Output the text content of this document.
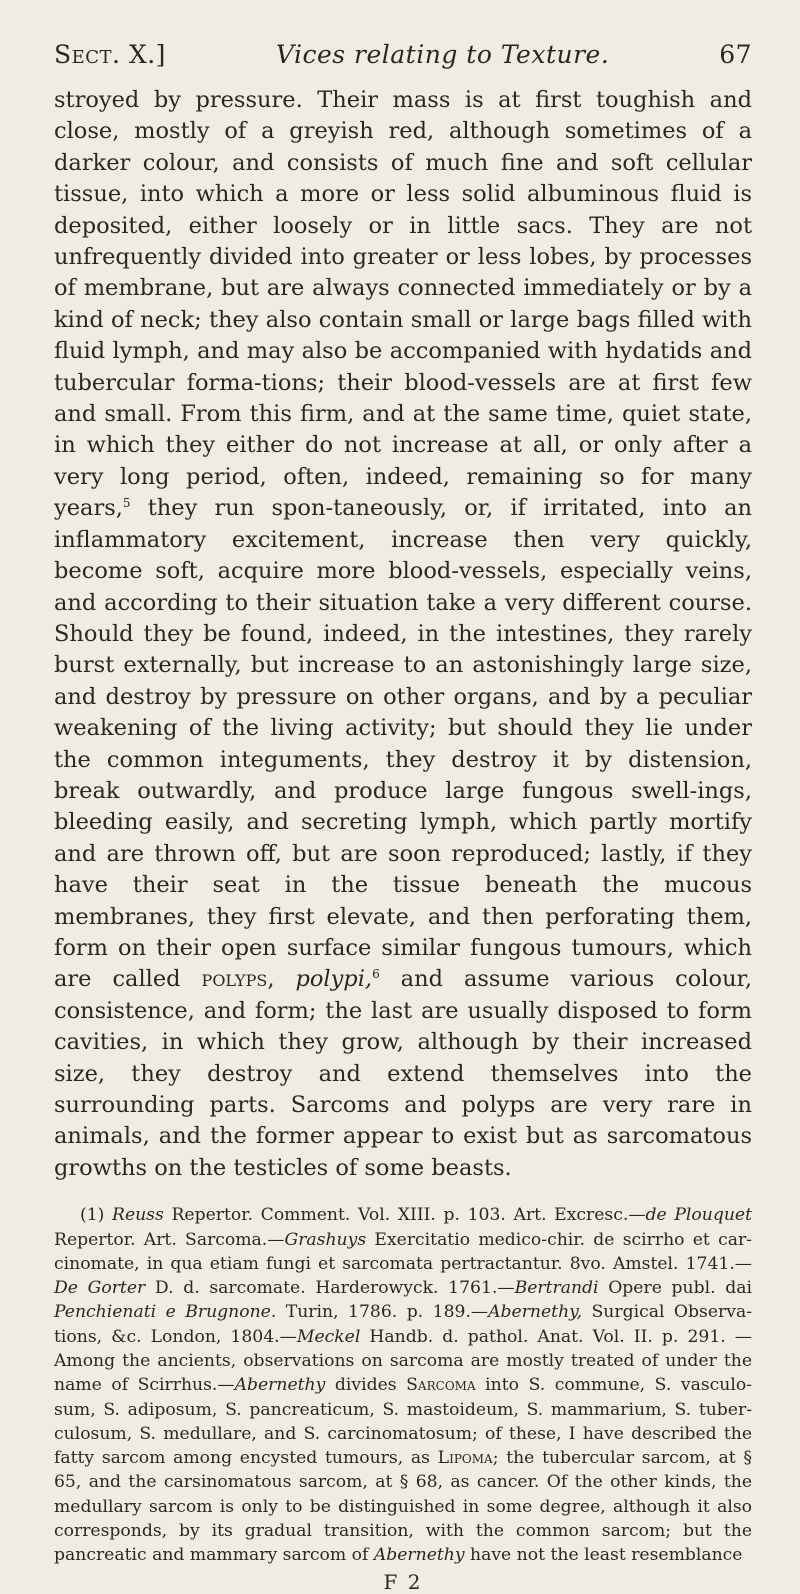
Sect. X.]	Vices relating to Texture.	67

stroyed by pressure. Their mass is at first toughish and close, mostly of a greyish red, although sometimes of a darker colour, and consists of much fine and soft cellular tissue, into which a more or less solid albuminous fluid is deposited, either loosely or in little sacs. They are not unfrequently divided into greater or less lobes, by processes of membrane, but are always connected immediately or by a kind of neck; they also contain small or large bags filled with fluid lymph, and may also be accompanied with hydatids and tubercular forma-tions; their blood-vessels are at first few and small. From this firm, and at the same time, quiet state, in which they either do not increase at all, or only after a very long period, often, indeed, remaining so for many years,$^5$ they run spon-taneously, or, if irritated, into an inflammatory excitement, increase then very quickly, become soft, acquire more blood-vessels, especially veins, and according to their situation take a very different course. Should they be found, indeed, in the intestines, they rarely burst externally, but increase to an astonishingly large size, and destroy by pressure on other organs, and by a peculiar weakening of the living activity; but should they lie under the common integuments, they destroy it by distension, break outwardly, and produce large fungous swell-ings, bleeding easily, and secreting lymph, which partly mortify and are thrown off, but are soon reproduced; lastly, if they have their seat in the tissue beneath the mucous membranes, they first elevate, and then perforating them, form on their open surface similar fungous tumours, which are called polyps, polypi,$^6$ and assume various colour, consistence, and form; the last are usually disposed to form cavities, in which they grow, although by their increased size, they destroy and extend themselves into the surrounding parts. Sarcoms and polyps are very rare in animals, and the former appear to exist but as sarcomatous growths on the testicles of some beasts.

(1) Reuss Repertor. Comment. Vol. XIII. p. 103. Art. Excresc.—de Plouquet Repertor. Art. Sarcoma.—Grashuys Exercitatio medico-chir. de scirrho et car-cinomate, in qua etiam fungi et sarcomata pertractantur. 8vo. Amstel. 1741.—De Gorter D. d. sarcomate. Harderowyck. 1761.—Bertrandi Opere publ. dai Penchienati e Brugnone. Turin, 1786. p. 189.—Abernethy, Surgical Observa-tions, &c. London, 1804.—Meckel Handb. d. pathol. Anat. Vol. II. p. 291. —Among the ancients, observations on sarcoma are mostly treated of under the name of Scirrhus.—Abernethy divides Sarcoma into S. commune, S. vasculo-sum, S. adiposum, S. pancreaticum, S. mastoideum, S. mammarium, S. tuber-culosum, S. medullare, and S. carcinomatosum; of these, I have described the fatty sarcom among encysted tumours, as Lipoma; the tubercular sarcom, at § 65, and the carsinomatous sarcom, at § 68, as cancer. Of the other kinds, the medullary sarcom is only to be distinguished in some degree, although it also corresponds, by its gradual transition, with the common sarcom; but the pancreatic and mammary sarcom of Abernethy have not the least resemblance

F 2
